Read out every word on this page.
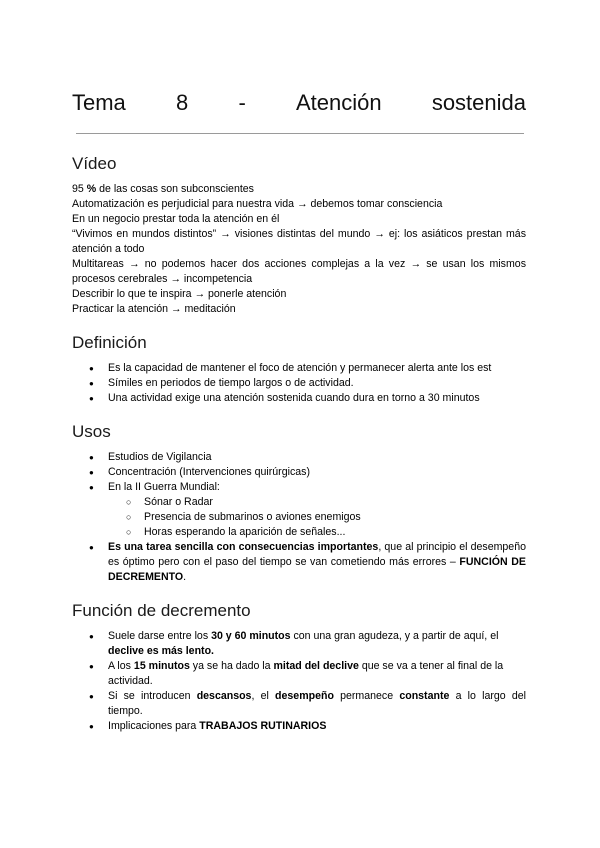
Tema 8 - Atención sostenida
Vídeo

95 % de las cosas son subconscientes

Automatización es perjudicial para nuestra vida → debemos tomar consciencia

En un negocio prestar toda la atención en él

“Vivimos en mundos distintos” → visiones distintas del mundo → ej: los asiáticos prestan más atención a todo

Multitareas → no podemos hacer dos acciones complejas a la vez → se usan los mismos procesos cerebrales → incompetencia

Describir lo que te inspira → ponerle atención

Practicar la atención → meditación

Definición
● Es la capacidad de mantener el foco de atención y permanecer alerta ante los est
● Símiles en periodos de tiempo largos o de actividad.
● Una actividad exige una atención sostenida cuando dura en torno a 30 minutos
Usos
● Estudios de Vigilancia
● Concentración (Intervenciones quirúrgicas)
● En la II Guerra Mundial:
○ Sónar o Radar
○ Presencia de submarinos o aviones enemigos
○ Horas esperando la aparición de señales...
● Es una tarea sencilla con consecuencias importantes, que al principio el desempeño es óptimo pero con el paso del tiempo se van cometiendo más errores – FUNCIÓN DE DECREMENTO.
Función de decremento
● Suele darse entre los 30 y 60 minutos con una gran agudeza, y a partir de aquí, el declive es más lento.
● A los 15 minutos ya se ha dado la mitad del declive que se va a tener al final de la actividad.
● Si se introducen descansos, el desempeño permanece constante a lo largo del tiempo.
● Implicaciones para TRABAJOS RUTINARIOS
